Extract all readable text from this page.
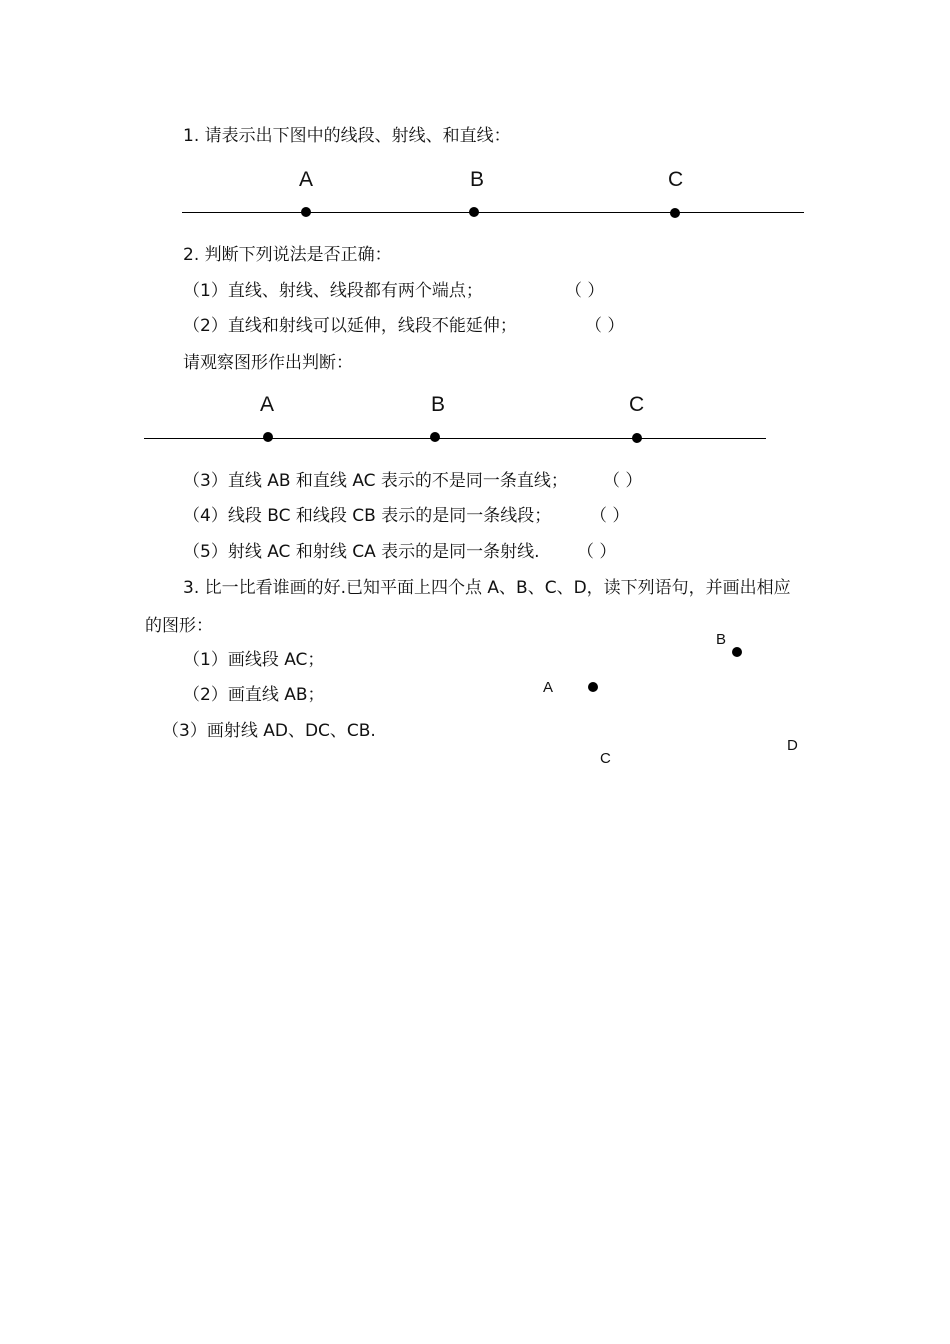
1. 请表示出下图中的线段、射线、和直线：
A	B	C
2. 判断下列说法是否正确：
（1）直线、射线、线段都有两个端点；	（ ）
（2）直线和射线可以延伸，线段不能延伸；	（ ）
请观察图形作出判断：
A	B	C
（3）直线 AB 和直线 AC 表示的不是同一条直线； （ ）
（4）线段 BC 和线段 CB 表示的是同一条线段； （ ）
（5）射线 AC 和射线 CA 表示的是同一条射线. （ ）
3. 比一比看谁画的好.已知平面上四个点 A、B、C、D，读下列语句，并画出相应
的图形：
（1）画线段 AC；
（2）画直线 AB；
（3）画射线 AD、DC、CB.
B
A
D
C
